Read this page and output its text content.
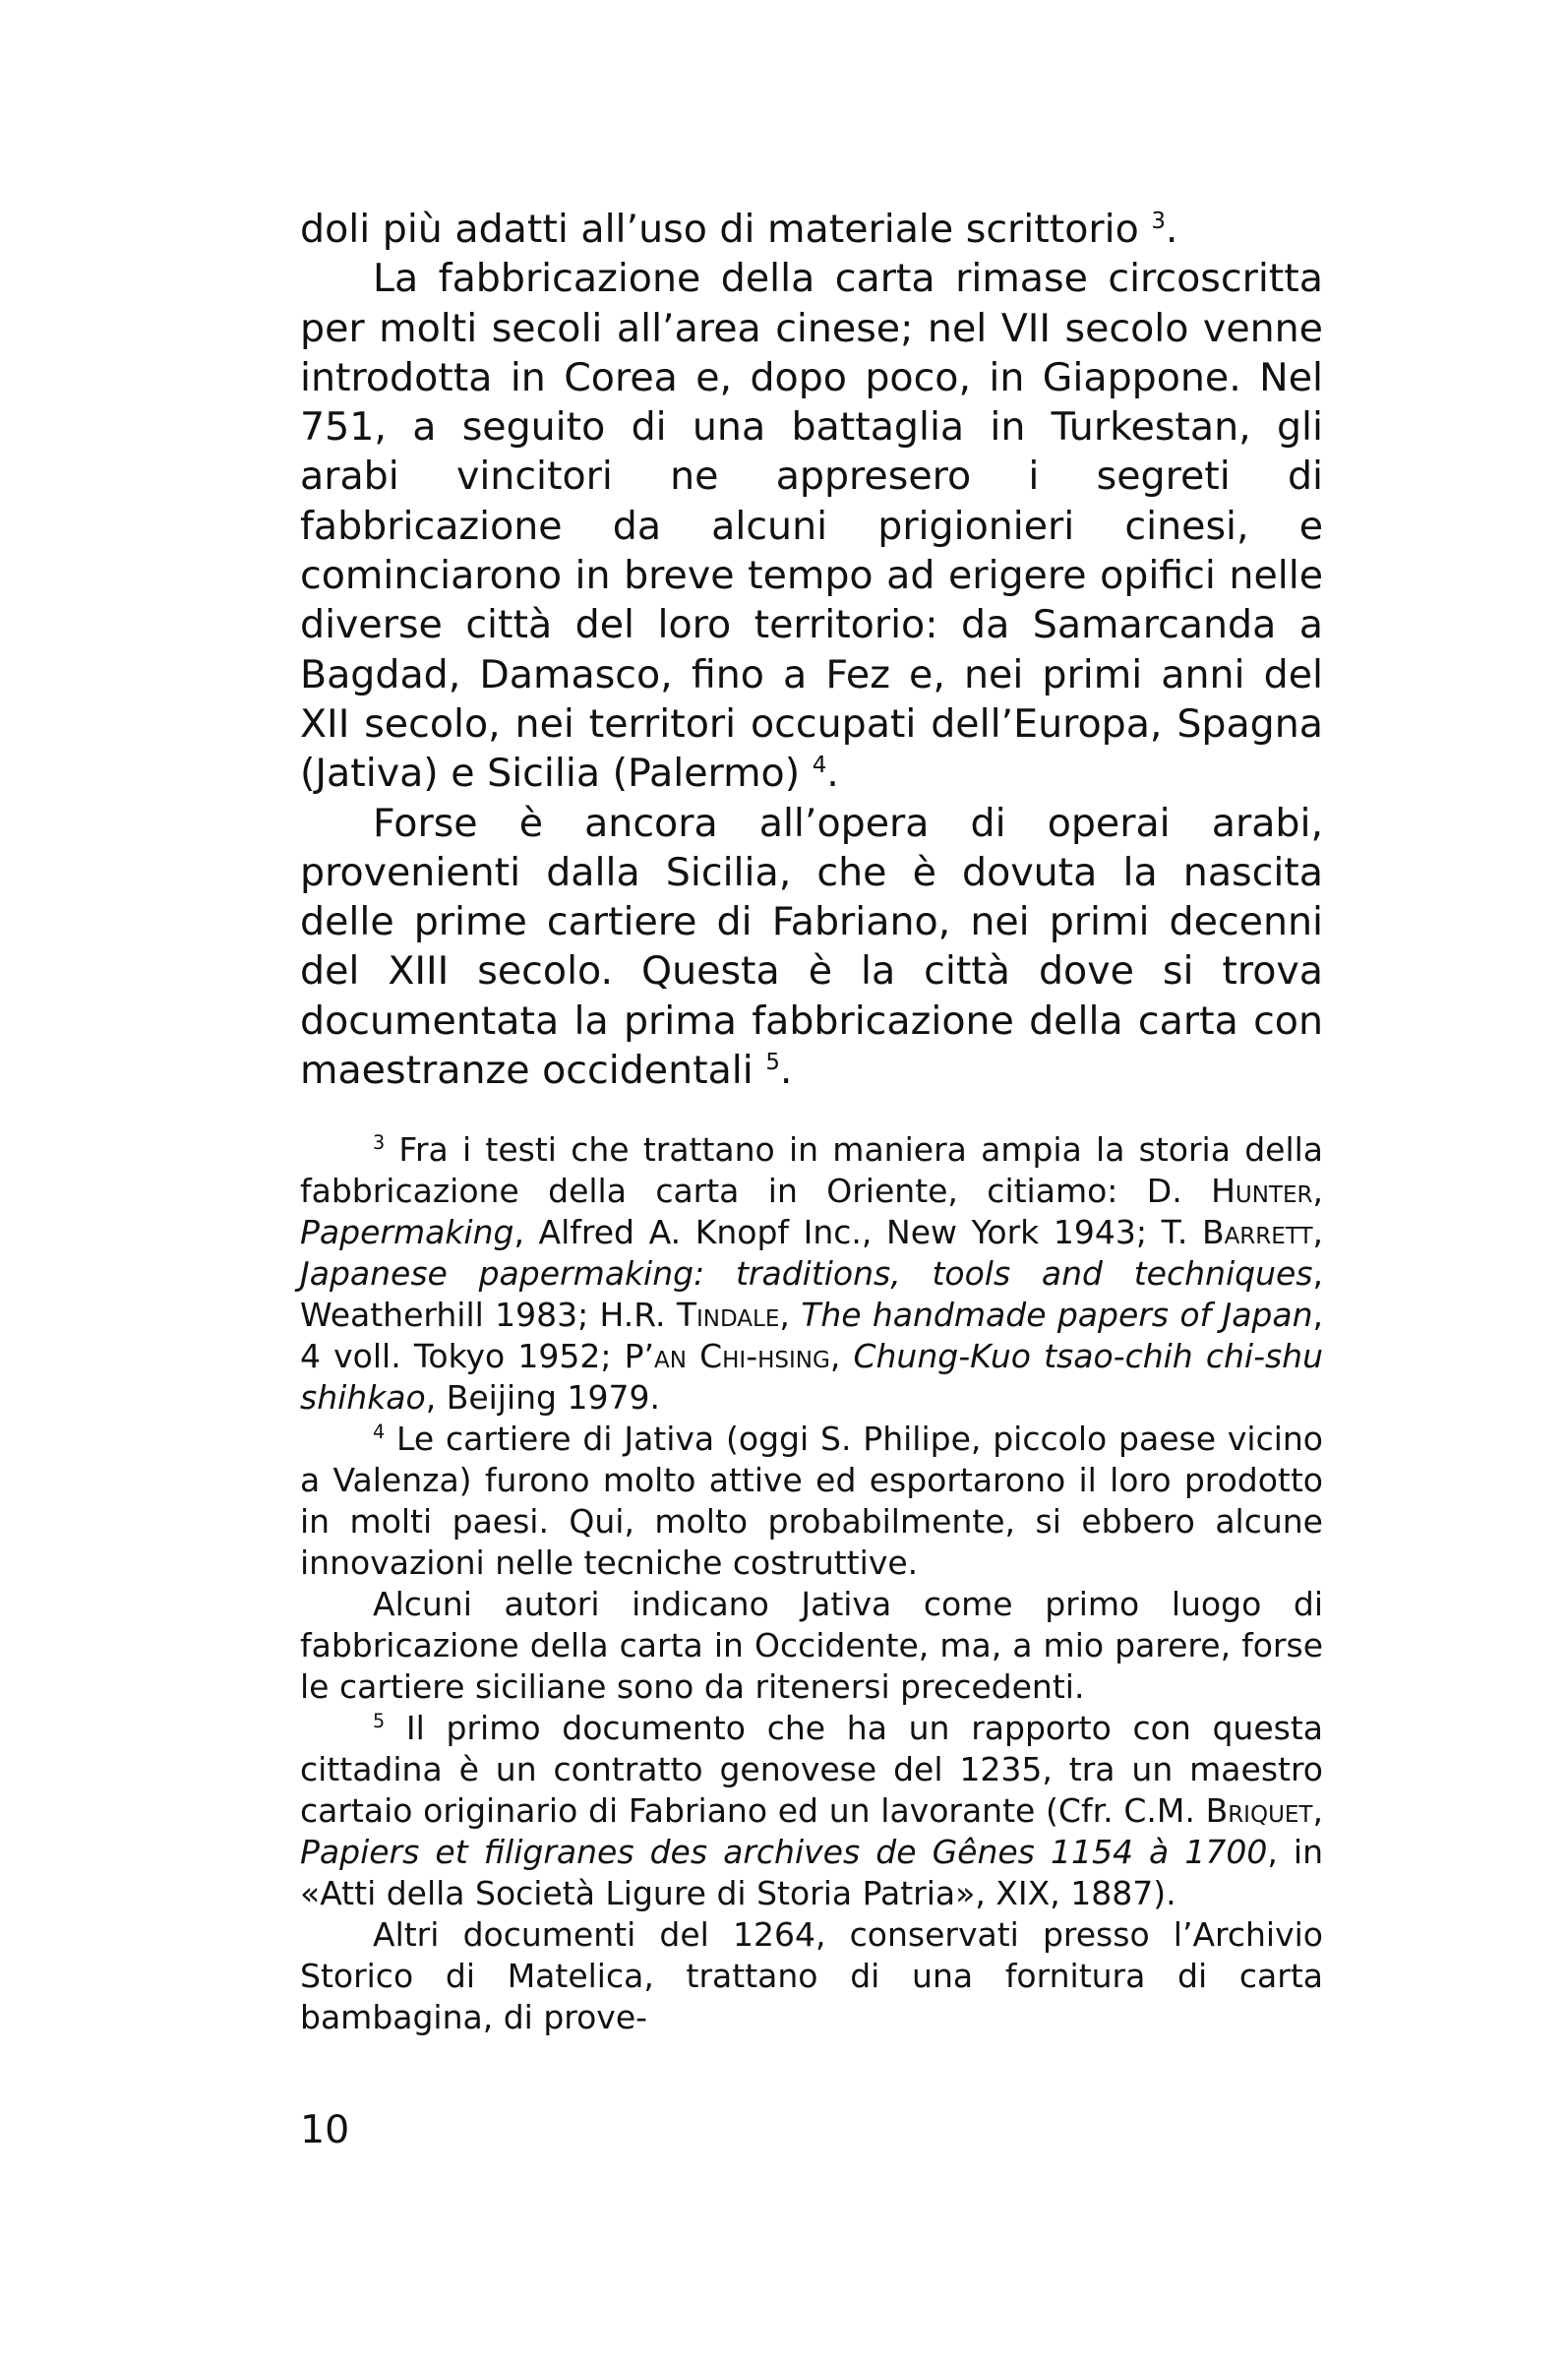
doli più adatti all’uso di materiale scrittorio $^3$.

La fabbricazione della carta rimase circoscritta per molti secoli all’area cinese; nel VII secolo venne introdotta in Corea e, dopo poco, in Giappone. Nel 751, a seguito di una battaglia in Turkestan, gli arabi vincitori ne appresero i segreti di fabbricazione da alcuni prigionieri cinesi, e cominciarono in breve tempo ad erigere opifici nelle diverse città del loro territorio: da Samarcanda a Bagdad, Damasco, fino a Fez e, nei primi anni del XII secolo, nei territori occupati dell’Europa, Spagna (Jativa) e Sicilia (Palermo) $^4$.

Forse è ancora all’opera di operai arabi, provenienti dalla Sicilia, che è dovuta la nascita delle prime cartiere di Fabriano, nei primi decenni del XIII secolo. Questa è la città dove si trova documentata la prima fabbricazione della carta con maestranze occidentali $^5$.

$^3$ Fra i testi che trattano in maniera ampia la storia della fabbricazione della carta in Oriente, citiamo: D. Hunter, Papermaking, Alfred A. Knopf Inc., New York 1943; T. Barrett, Japanese papermaking: traditions, tools and techniques, Weatherhill 1983; H.R. Tindale, The handmade papers of Japan, 4 voll. Tokyo 1952; P’an Chi-hsing, Chung-Kuo tsao-chih chi-shu shihkao, Beijing 1979.

$^4$ Le cartiere di Jativa (oggi S. Philipe, piccolo paese vicino a Valenza) furono molto attive ed esportarono il loro prodotto in molti paesi. Qui, molto probabilmente, si ebbero alcune innovazioni nelle tecniche costruttive.

Alcuni autori indicano Jativa come primo luogo di fabbricazione della carta in Occidente, ma, a mio parere, forse le cartiere siciliane sono da ritenersi precedenti.

$^5$ Il primo documento che ha un rapporto con questa cittadina è un contratto genovese del 1235, tra un maestro cartaio originario di Fabriano ed un lavorante (Cfr. C.M. Briquet, Papiers et filigranes des archives de Gênes 1154 à 1700, in «Atti della Società Ligure di Storia Patria», XIX, 1887).

Altri documenti del 1264, conservati presso l’Archivio Storico di Matelica, trattano di una fornitura di carta bambagina, di prove-

10
